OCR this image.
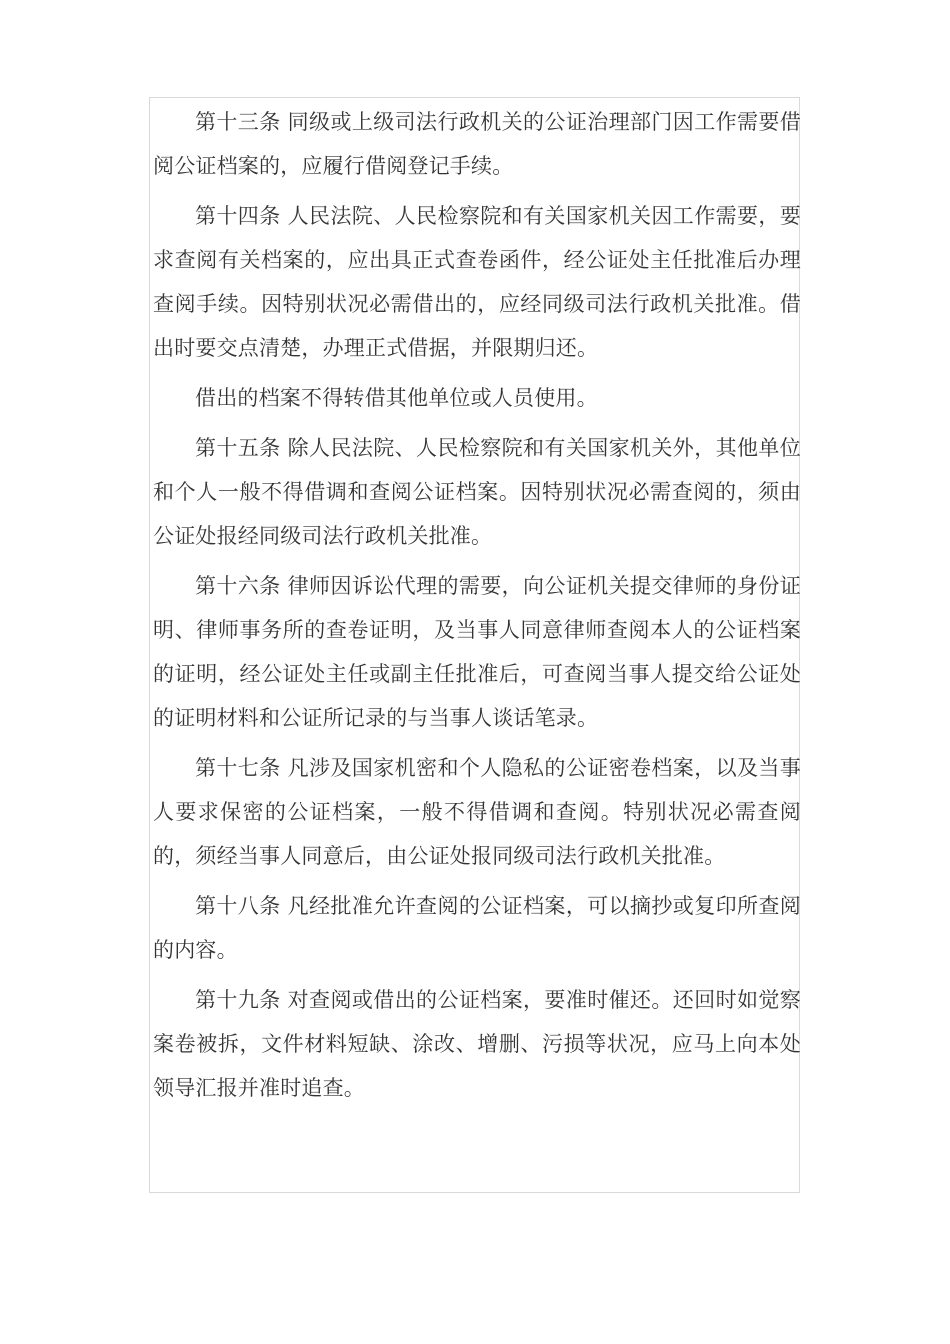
第十三条 同级或上级司法行政机关的公证治理部门因工作需要借阅公证档案的，应履行借阅登记手续。

第十四条 人民法院、人民检察院和有关国家机关因工作需要，要求查阅有关档案的，应出具正式查卷函件，经公证处主任批准后办理查阅手续。因特别状况必需借出的，应经同级司法行政机关批准。借出时要交点清楚，办理正式借据，并限期归还。

借出的档案不得转借其他单位或人员使用。

第十五条 除人民法院、人民检察院和有关国家机关外，其他单位和个人一般不得借调和查阅公证档案。因特别状况必需查阅的，须由公证处报经同级司法行政机关批准。

第十六条 律师因诉讼代理的需要，向公证机关提交律师的身份证明、律师事务所的查卷证明，及当事人同意律师查阅本人的公证档案的证明，经公证处主任或副主任批准后，可查阅当事人提交给公证处的证明材料和公证所记录的与当事人谈话笔录。

第十七条 凡涉及国家机密和个人隐私的公证密卷档案，以及当事人要求保密的公证档案，一般不得借调和查阅。特别状况必需查阅的，须经当事人同意后，由公证处报同级司法行政机关批准。

第十八条 凡经批准允许查阅的公证档案，可以摘抄或复印所查阅的内容。

第十九条 对查阅或借出的公证档案，要准时催还。还回时如觉察案卷被拆，文件材料短缺、涂改、增删、污损等状况，应马上向本处领导汇报并准时追查。
